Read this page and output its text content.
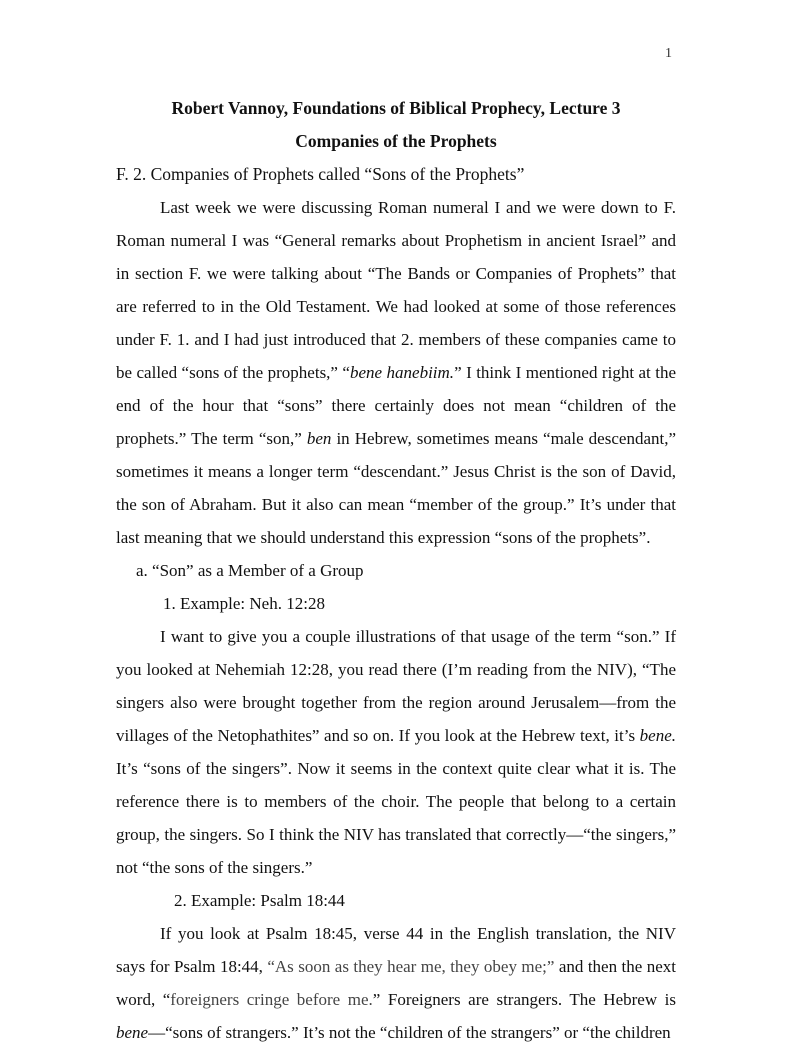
1
Robert Vannoy, Foundations of Biblical Prophecy, Lecture 3
Companies of the Prophets
F. 2. Companies of Prophets called “Sons of the Prophets”

Last week we were discussing Roman numeral I and we were down to F. Roman numeral I was “General remarks about Prophetism in ancient Israel” and in section F. we were talking about “The Bands or Companies of Prophets” that are referred to in the Old Testament. We had looked at some of those references under F. 1. and I had just introduced that 2. members of these companies came to be called “sons of the prophets,” “bene hanebiim.” I think I mentioned right at the end of the hour that “sons” there certainly does not mean “children of the prophets.” The term “son,” ben in Hebrew, sometimes means “male descendant,” sometimes it means a longer term “descendant.” Jesus Christ is the son of David, the son of Abraham. But it also can mean “member of the group.” It’s under that last meaning that we should understand this expression “sons of the prophets”.

a. “Son” as a Member of a Group
1. Example: Neh. 12:28

I want to give you a couple illustrations of that usage of the term “son.” If you looked at Nehemiah 12:28, you read there (I’m reading from the NIV), “The singers also were brought together from the region around Jerusalem—from the villages of the Netophathites” and so on. If you look at the Hebrew text, it’s bene. It’s “sons of the singers”. Now it seems in the context quite clear what it is. The reference there is to members of the choir. The people that belong to a certain group, the singers. So I think the NIV has translated that correctly—“the singers,” not “the sons of the singers.”

2. Example: Psalm 18:44

If you look at Psalm 18:45, verse 44 in the English translation, the NIV says for Psalm 18:44, “As soon as they hear me, they obey me;” and then the next word, “foreigners cringe before me.” Foreigners are strangers. The Hebrew is bene—“sons of strangers.” It’s not the “children of the strangers” or “the children
